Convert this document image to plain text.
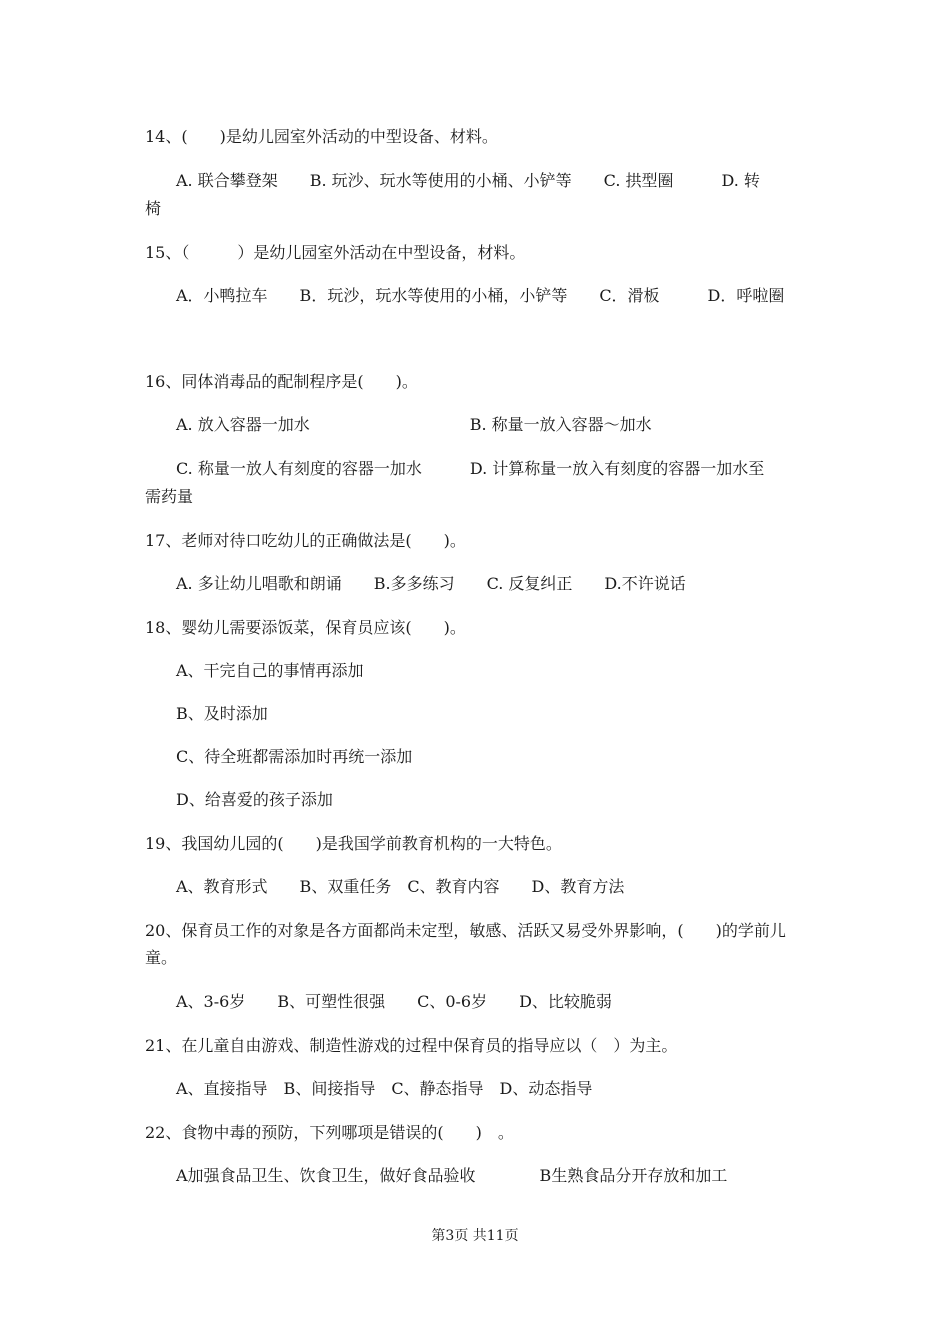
14、(　　)是幼儿园室外活动的中型设备、材料。

A. 联合攀登架　　B. 玩沙、玩水等使用的小桶、小铲等　　C. 拱型圈　　　D. 转

椅

15、（　　　）是幼儿园室外活动在中型设备，材料。

A．小鸭拉车　　B．玩沙，玩水等使用的小桶，小铲等　　C．滑板　　　D．呼啦圈

16、同体消毒品的配制程序是(　　)。

A. 放入容器一加水　　　　　　　　　　B. 称量一放入容器～加水

C. 称量一放人有刻度的容器一加水　　　D. 计算称量一放入有刻度的容器一加水至

需药量

17、老师对待口吃幼儿的正确做法是(　　)。

A. 多让幼儿唱歌和朗诵　　B.多多练习　　C. 反复纠正　　D.不许说话

18、婴幼儿需要添饭菜，保育员应该(　　)。

A、干完自己的事情再添加

B、及时添加

C、待全班都需添加时再统一添加

D、给喜爱的孩子添加

19、我国幼儿园的(　　)是我国学前教育机构的一大特色。

A、教育形式　　B、双重任务　C、教育内容　　D、教育方法

20、保育员工作的对象是各方面都尚未定型，敏感、活跃又易受外界影响，(　　)的学前儿

童。

A、3-6岁　　B、可塑性很强　　C、0-6岁　　D、比较脆弱

21、在儿童自由游戏、制造性游戏的过程中保育员的指导应以（　）为主。

A、直接指导　B、间接指导　C、静态指导　D、动态指导

22、食物中毒的预防，下列哪项是错误的(　　)　。

A加强食品卫生、饮食卫生，做好食品验收　　　　B生熟食品分开存放和加工

第3页 共11页
